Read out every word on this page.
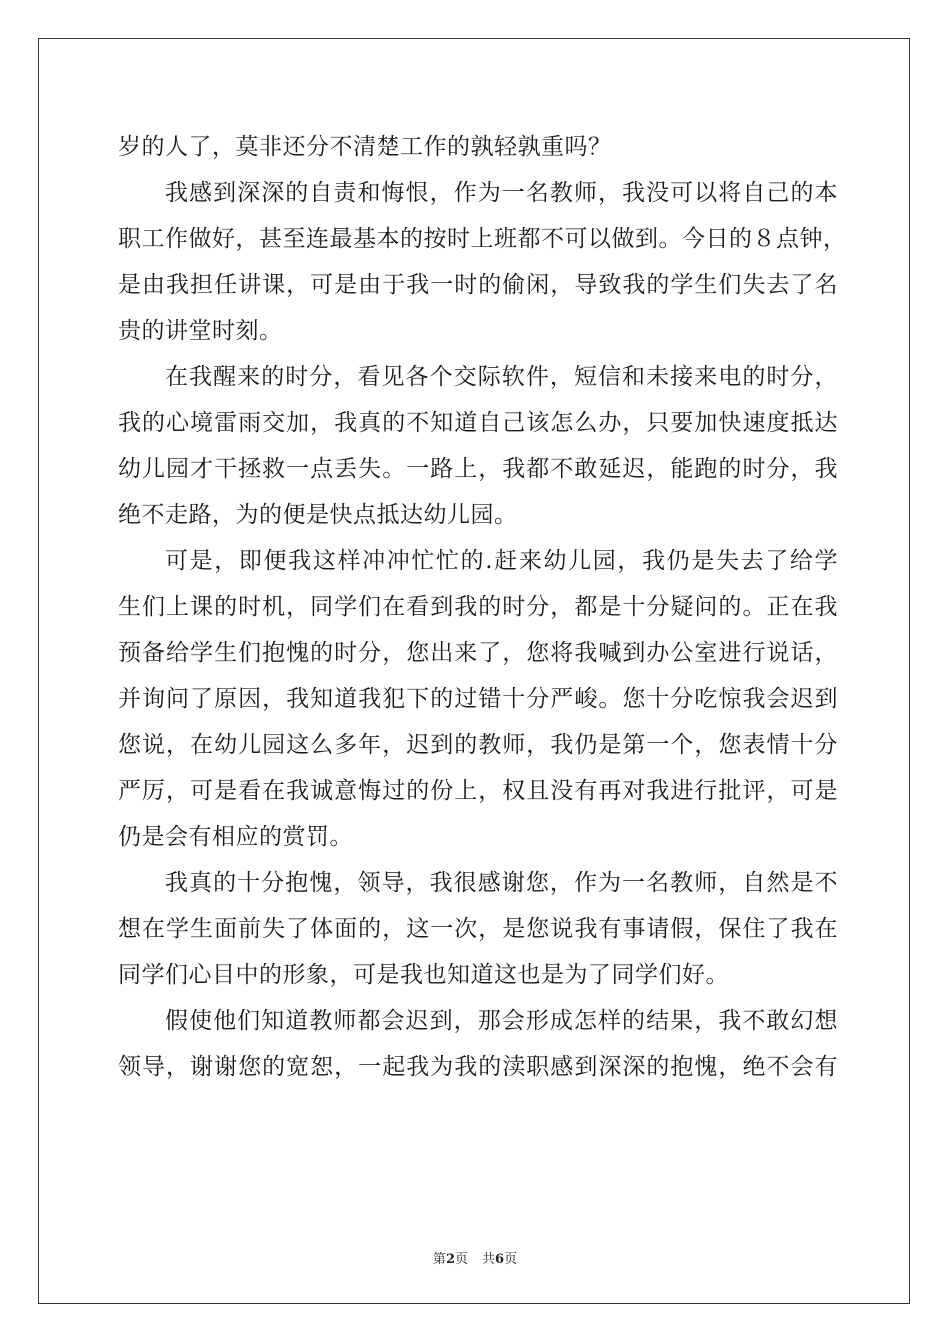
岁的人了，莫非还分不清楚工作的孰轻孰重吗？
我感到深深的自责和悔恨，作为一名教师，我没可以将自己的本
职工作做好，甚至连最基本的按时上班都不可以做到。今日的８点钟，
是由我担任讲课，可是由于我一时的偷闲，导致我的学生们失去了名
贵的讲堂时刻。
在我醒来的时分，看见各个交际软件，短信和未接来电的时分，
我的心境雷雨交加，我真的不知道自己该怎么办，只要加快速度抵达
幼儿园才干拯救一点丢失。一路上，我都不敢延迟，能跑的时分，我
绝不走路，为的便是快点抵达幼儿园。
可是，即便我这样冲冲忙忙的.赶来幼儿园，我仍是失去了给学
生们上课的时机，同学们在看到我的时分，都是十分疑问的。正在我
预备给学生们抱愧的时分，您出来了，您将我喊到办公室进行说话，
并询问了原因，我知道我犯下的过错十分严峻。您十分吃惊我会迟到
您说，在幼儿园这么多年，迟到的教师，我仍是第一个，您表情十分
严厉，可是看在我诚意悔过的份上，权且没有再对我进行批评，可是
仍是会有相应的赏罚。
我真的十分抱愧，领导，我很感谢您，作为一名教师，自然是不
想在学生面前失了体面的，这一次，是您说我有事请假，保住了我在
同学们心目中的形象，可是我也知道这也是为了同学们好。
假使他们知道教师都会迟到，那会形成怎样的结果，我不敢幻想
领导，谢谢您的宽恕，一起我为我的渎职感到深深的抱愧，绝不会有
第2页 共6页
